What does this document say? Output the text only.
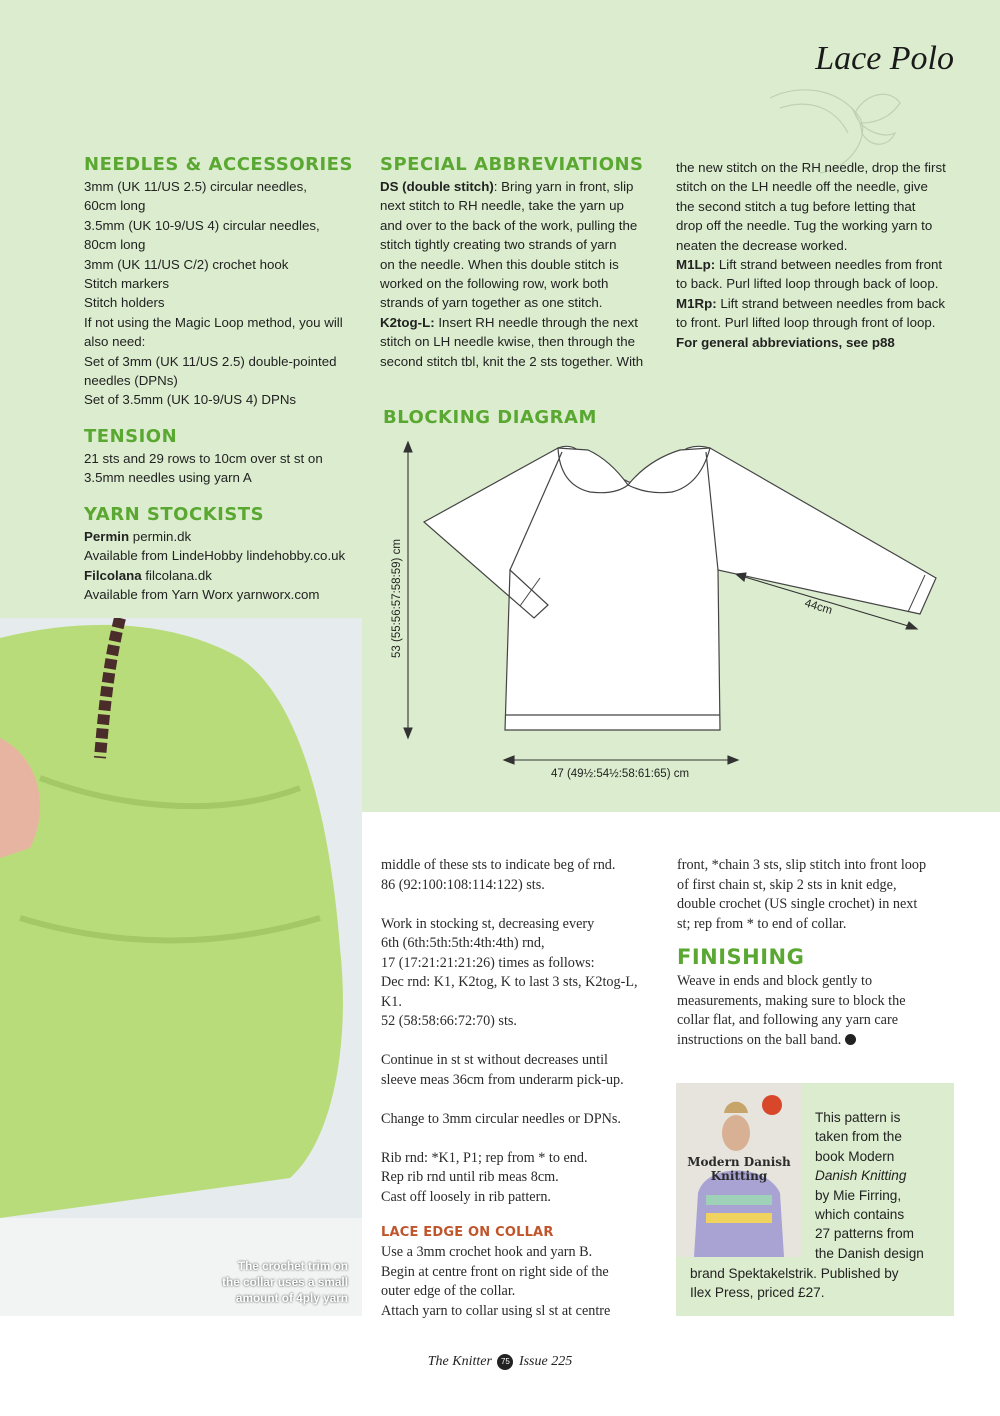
Lace Polo
NEEDLES & ACCESSORIES

3mm (UK 11/US 2.5) circular needles,

60cm long

3.5mm (UK 10-9/US 4) circular needles,

80cm long

3mm (UK 11/US C/2) crochet hook

Stitch markers

Stitch holders

If not using the Magic Loop method, you will

also need:

Set of 3mm (UK 11/US 2.5) double-pointed

needles (DPNs)

Set of 3.5mm (UK 10-9/US 4) DPNs

TENSION

21 sts and 29 rows to 10cm over st st on

3.5mm needles using yarn A

YARN STOCKISTS

Permin permin.dk

Available from LindeHobby lindehobby.co.uk

Filcolana filcolana.dk

Available from Yarn Worx yarnworx.com

SPECIAL ABBREVIATIONS

DS (double stitch): Bring yarn in front, slip

next stitch to RH needle, take the yarn up

and over to the back of the work, pulling the

stitch tightly creating two strands of yarn

on the needle. When this double stitch is

worked on the following row, work both

strands of yarn together as one stitch.

K2tog-L: Insert RH needle through the next

stitch on LH needle kwise, then through the

second stitch tbl, knit the 2 sts together. With

the new stitch on the RH needle, drop the first

stitch on the LH needle off the needle, give

the second stitch a tug before letting that

drop off the needle. Tug the working yarn to

neaten the decrease worked.

M1Lp: Lift strand between needles from front

to back. Purl lifted loop through back of loop.

M1Rp: Lift strand between needles from back

to front. Purl lifted loop through front of loop.

For general abbreviations, see p88

BLOCKING DIAGRAM
53 (55:56:57:58:59) cm
47 (49½:54½:58:61:65) cm
44cm

The crochet trim on

the collar uses a small

amount of 4ply yarn

middle of these sts to indicate beg of rnd.

86 (92:100:108:114:122) sts.

Work in stocking st, decreasing every

6th (6th:5th:5th:4th:4th) rnd,

17 (17:21:21:21:26) times as follows:

Dec rnd: K1, K2tog, K to last 3 sts, K2tog-L,

K1.

52 (58:58:66:72:70) sts.

Continue in st st without decreases until

sleeve meas 36cm from underarm pick-up.

Change to 3mm circular needles or DPNs.

Rib rnd: *K1, P1; rep from * to end.

Rep rib rnd until rib meas 8cm.

Cast off loosely in rib pattern.

LACE EDGE ON COLLAR

Use a 3mm crochet hook and yarn B.

Begin at centre front on right side of the

outer edge of the collar.

Attach yarn to collar using sl st at centre

front, *chain 3 sts, slip stitch into front loop

of first chain st, skip 2 sts in knit edge,

double crochet (US single crochet) in next

st; rep from * to end of collar.

FINISHING

Weave in ends and block gently to

measurements, making sure to block the

collar flat, and following any yarn care

instructions on the ball band.

Modern Danish Knitting

This pattern is

taken from the

book Modern

Danish Knitting

by Mie Firring,

which contains

27 patterns from

the Danish design

brand Spektakelstrik. Published by

Ilex Press, priced £27.

The Knitter 75 Issue 225
